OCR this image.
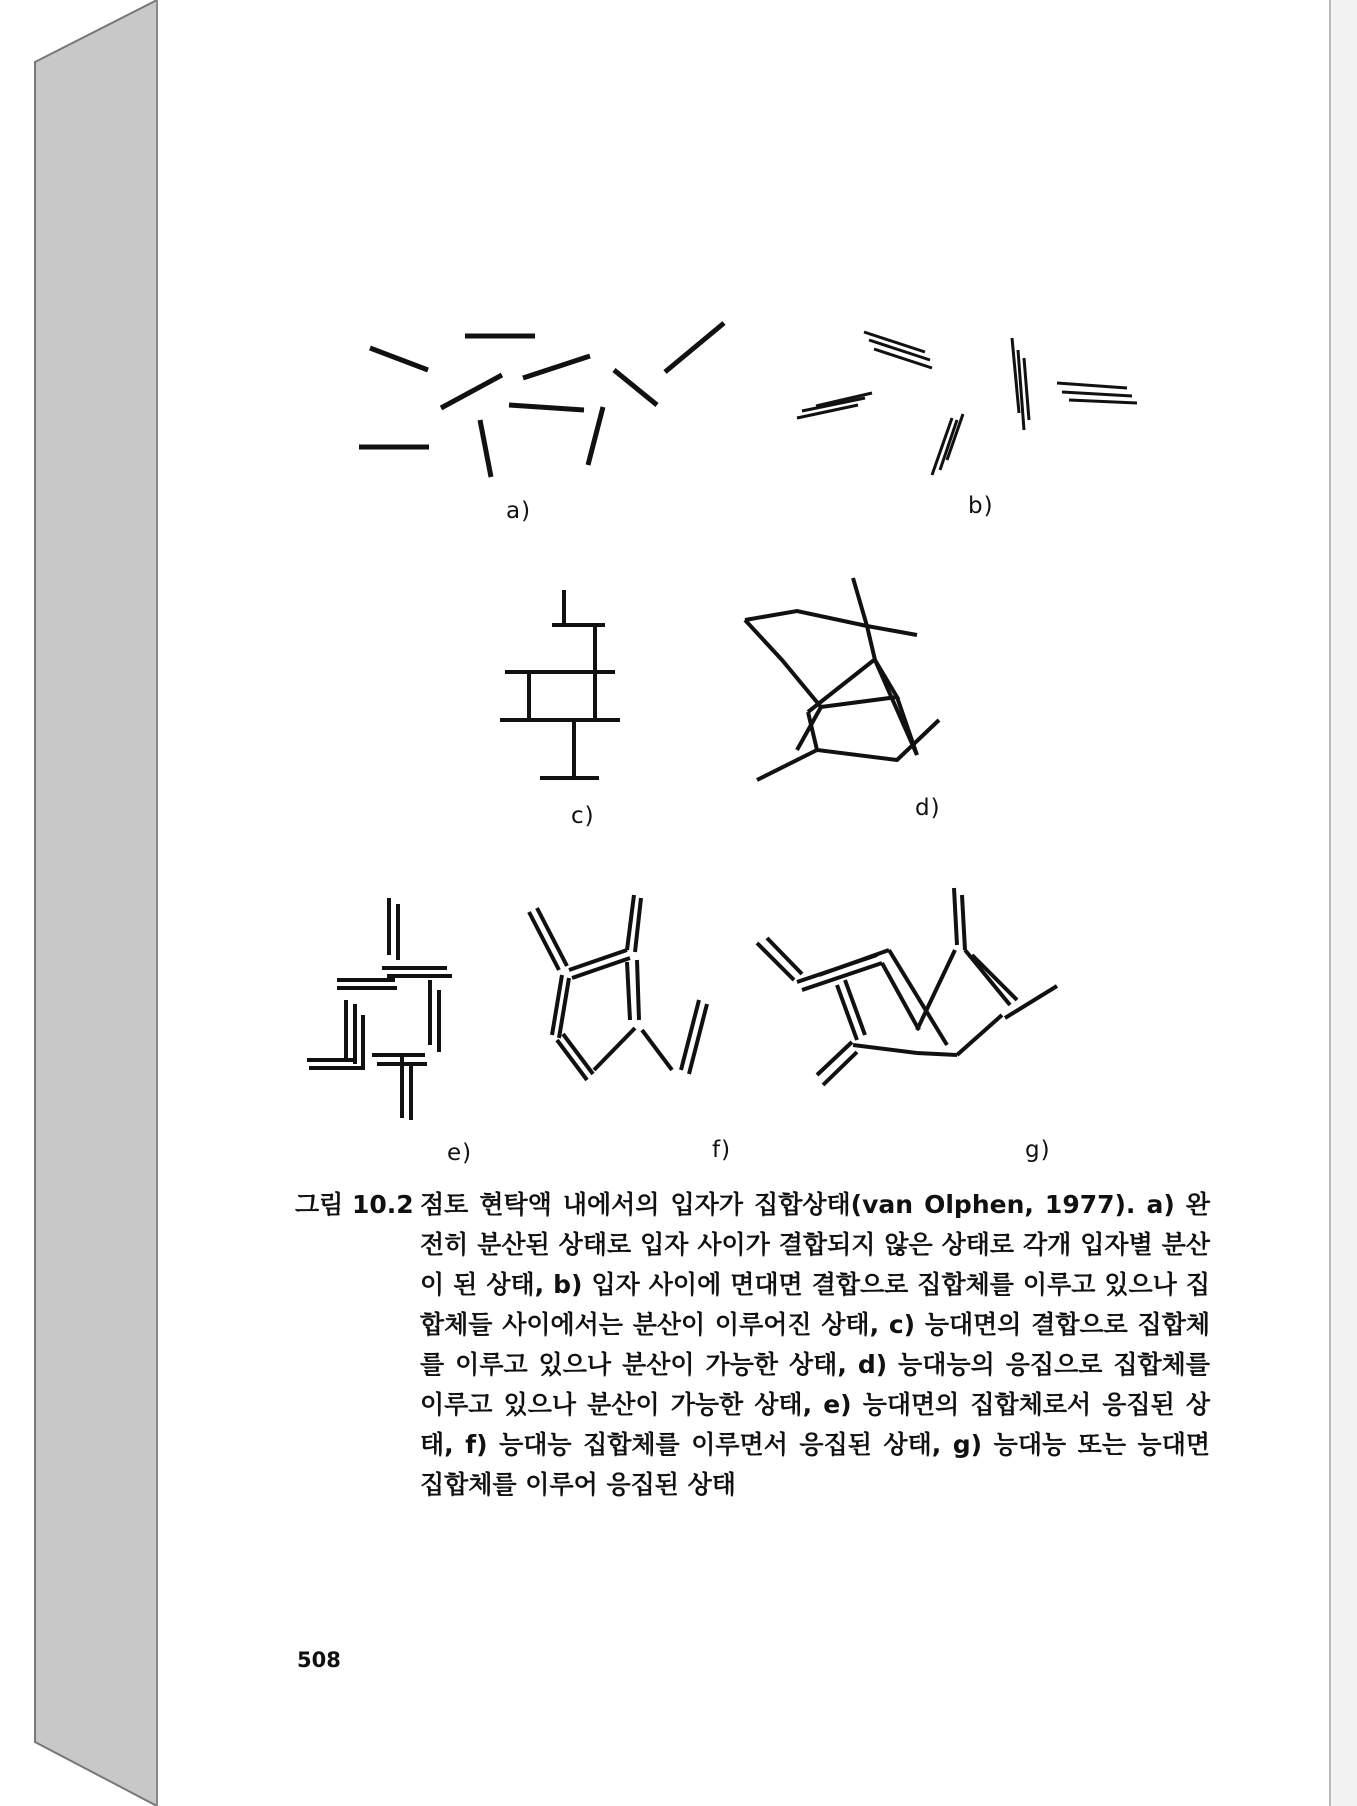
a)	b)
c)	d)
e)	f)	g)
그림 10.2 점토 현탁액 내에서의 입자가 집합상태(van Olphen, 1977). a) 완전히 분산된 상태로 입자 사이가 결합되지 않은 상태로 각개 입자별 분산이 된 상태, b) 입자 사이에 면대면 결합으로 집합체를 이루고 있으나 집합체들 사이에서는 분산이 이루어진 상태, c) 능대면의 결합으로 집합체를 이루고 있으나 분산이 가능한 상태, d) 능대능의 응집으로 집합체를 이루고 있으나 분산이 가능한 상태, e) 능대면의 집합체로서 응집된 상태, f) 능대능 집합체를 이루면서 응집된 상태, g) 능대능 또는 능대면 집합체를 이루어 응집된 상태
508
